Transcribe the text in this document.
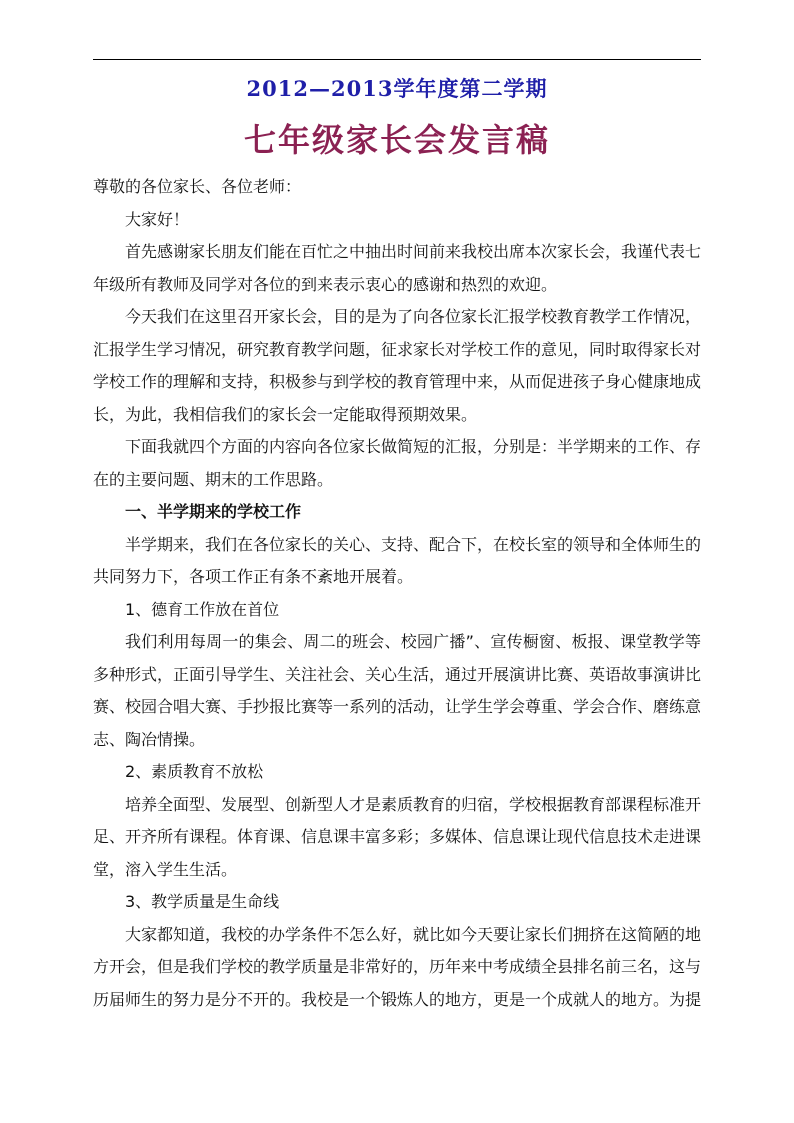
2012—2013学年度第二学期
七年级家长会发言稿

尊敬的各位家长、各位老师：

大家好！

首先感谢家长朋友们能在百忙之中抽出时间前来我校出席本次家长会，我谨代表七年级所有教师及同学对各位的到来表示衷心的感谢和热烈的欢迎。

今天我们在这里召开家长会，目的是为了向各位家长汇报学校教育教学工作情况，汇报学生学习情况，研究教育教学问题，征求家长对学校工作的意见，同时取得家长对学校工作的理解和支持，积极参与到学校的教育管理中来，从而促进孩子身心健康地成长，为此，我相信我们的家长会一定能取得预期效果。

下面我就四个方面的内容向各位家长做简短的汇报，分别是：半学期来的工作、存在的主要问题、期末的工作思路。

一、半学期来的学校工作

半学期来，我们在各位家长的关心、支持、配合下，在校长室的领导和全体师生的共同努力下，各项工作正有条不紊地开展着。

1、德育工作放在首位

我们利用每周一的集会、周二的班会、校园广播”、宣传橱窗、板报、课堂教学等多种形式，正面引导学生、关注社会、关心生活，通过开展演讲比赛、英语故事演讲比赛、校园合唱大赛、手抄报比赛等一系列的活动，让学生学会尊重、学会合作、磨练意志、陶冶情操。

2、素质教育不放松

培养全面型、发展型、创新型人才是素质教育的归宿，学校根据教育部课程标准开足、开齐所有课程。体育课、信息课丰富多彩；多媒体、信息课让现代信息技术走进课堂，溶入学生生活。

3、教学质量是生命线

大家都知道，我校的办学条件不怎么好，就比如今天要让家长们拥挤在这简陋的地方开会，但是我们学校的教学质量是非常好的，历年来中考成绩全县排名前三名，这与历届师生的努力是分不开的。我校是一个锻炼人的地方，更是一个成就人的地方。为提
